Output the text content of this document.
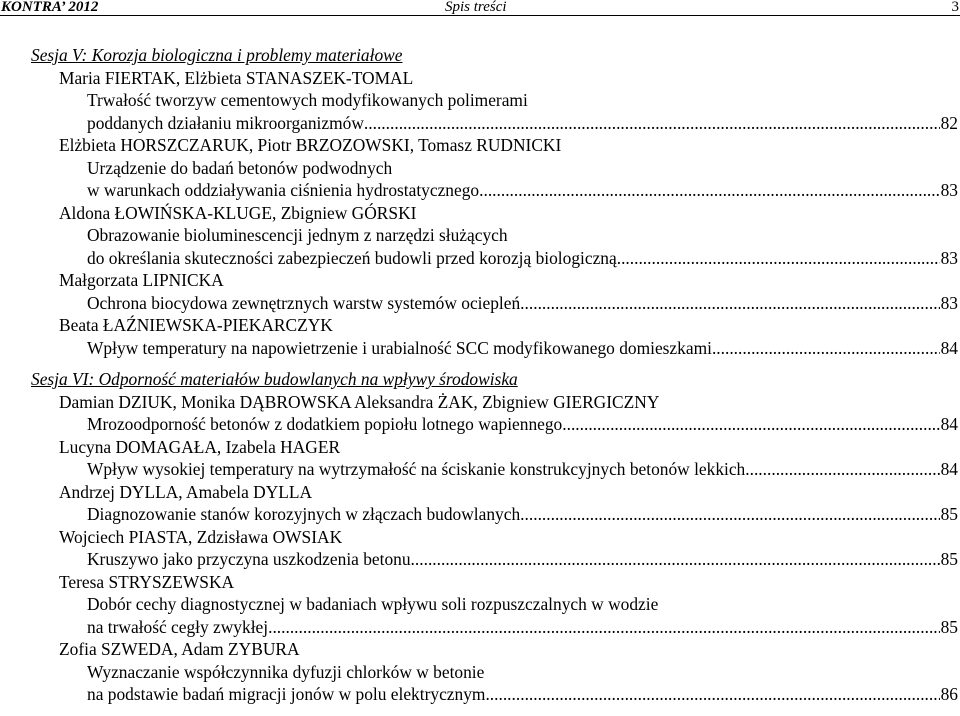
KONTRA’ 2012	Spis treści	3
Sesja V: Korozja biologiczna i problemy materiałowe
Maria FIERTAK, Elżbieta STANASZEK-TOMAL
Trwałość tworzyw cementowych modyfikowanych polimerami
poddanych działaniu mikroorganizmów .....	82
Elżbieta HORSZCZARUK, Piotr BRZOZOWSKI, Tomasz RUDNICKI
Urządzenie do badań betonów podwodnych
w warunkach oddziaływania ciśnienia hydrostatycznego .....	83
Aldona ŁOWIŃSKA-KLUGE, Zbigniew GÓRSKI
Obrazowanie bioluminescencji jednym z narzędzi służących
do określania skuteczności zabezpieczeń budowli przed korozją biologiczną .....	83
Małgorzata LIPNICKA
Ochrona biocydowa zewnętrznych warstw systemów ociepleń .....	83
Beata ŁAŹNIEWSKA-PIEKARCZYK
Wpływ temperatury na napowietrzenie i urabialność SCC modyfikowanego domieszkami .....	84
Sesja VI: Odporność materiałów budowlanych na wpływy środowiska
Damian DZIUK, Monika DĄBROWSKA Aleksandra ŻAK, Zbigniew GIERGICZNY
Mrozoodporność betonów z dodatkiem popiołu lotnego wapiennego .....	84
Lucyna DOMAGAŁA, Izabela HAGER
Wpływ wysokiej temperatury na wytrzymałość na ściskanie konstrukcyjnych betonów lekkich .....	84
Andrzej DYLLA, Amabela DYLLA
Diagnozowanie stanów korozyjnych w złączach budowlanych .....	85
Wojciech PIASTA, Zdzisława OWSIAK
Kruszywo jako przyczyna uszkodzenia betonu .....	85
Teresa STRYSZEWSKA
Dobór cechy diagnostycznej w badaniach wpływu soli rozpuszczalnych w wodzie
na trwałość cegły zwykłej .....	85
Zofia SZWEDA, Adam ZYBURA
Wyznaczanie współczynnika dyfuzji chlorków w betonie
na podstawie badań migracji jonów w polu elektrycznym .....	86
